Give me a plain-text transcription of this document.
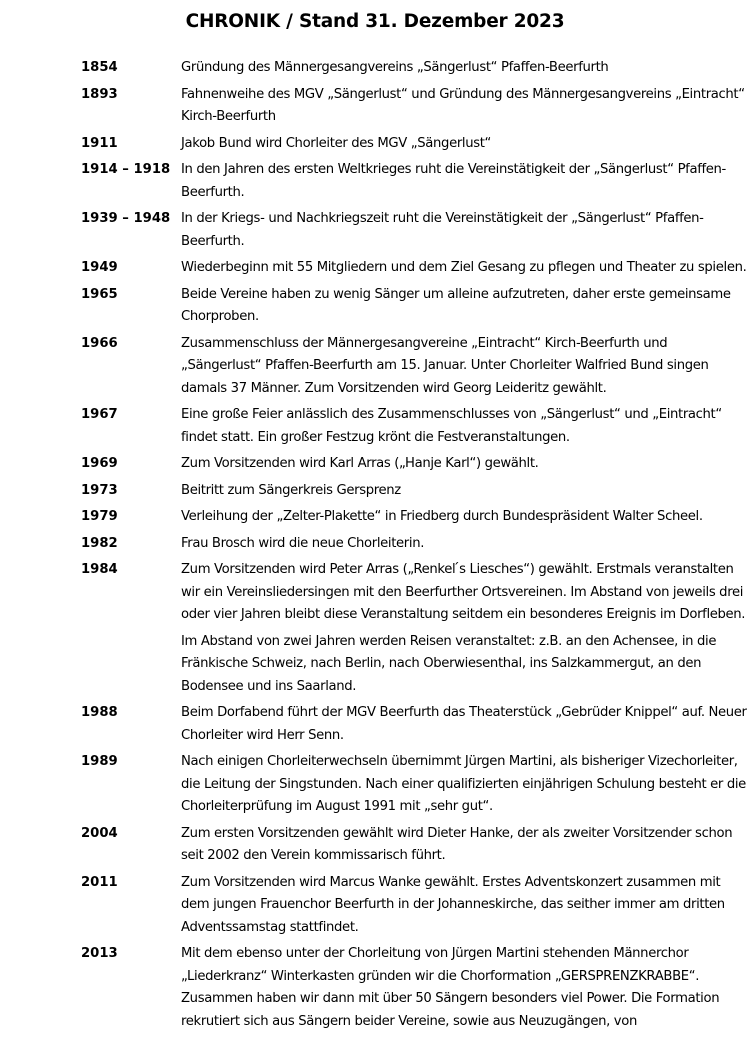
CHRONIK / Stand 31. Dezember 2023
1854	Gründung des Männergesangvereins „Sängerlust“ Pfaffen-Beerfurth

1893	Fahnenweihe des MGV „Sängerlust“ und Gründung des Männergesangvereins „Eintracht“ Kirch-Beerfurth

1911	Jakob Bund wird Chorleiter des MGV „Sängerlust“

1914 – 1918 In den Jahren des ersten Weltkrieges ruht die Vereinstätigkeit der „Sängerlust“ Pfaffen-Beerfurth.

1939 – 1948 In der Kriegs- und Nachkriegszeit ruht die Vereinstätigkeit der „Sängerlust“ Pfaffen-Beerfurth.

1949	Wiederbeginn mit 55 Mitgliedern und dem Ziel Gesang zu pflegen und Theater zu spielen.

1965	Beide Vereine haben zu wenig Sänger um alleine aufzutreten, daher erste gemeinsame Chorproben.

1966	Zusammenschluss der Männergesangvereine „Eintracht“ Kirch-Beerfurth und „Sängerlust“ Pfaffen-Beerfurth am 15. Januar. Unter Chorleiter Walfried Bund singen damals 37 Männer. Zum Vorsitzenden wird Georg Leideritz gewählt.

1967	Eine große Feier anlässlich des Zusammenschlusses von „Sängerlust“ und „Eintracht“ findet statt. Ein großer Festzug krönt die Festveranstaltungen.

1969	Zum Vorsitzenden wird Karl Arras („Hanje Karl“) gewählt.

1973	Beitritt zum Sängerkreis Gersprenz

1979	Verleihung der „Zelter-Plakette“ in Friedberg durch Bundespräsident Walter Scheel.

1982	Frau Brosch wird die neue Chorleiterin.

1984	Zum Vorsitzenden wird Peter Arras („Renkel ́s Liesches“) gewählt. Erstmals veranstalten wir ein Vereinsliedersingen mit den Beerfurther Ortsvereinen. Im Abstand von jeweils drei oder vier Jahren bleibt diese Veranstaltung seitdem ein besonderes Ereignis im Dorfleben.

Im Abstand von zwei Jahren werden Reisen veranstaltet: z.B. an den Achensee, in die Fränkische Schweiz, nach Berlin, nach Oberwiesenthal, ins Salzkammergut, an den Bodensee und ins Saarland.

1988	Beim Dorfabend führt der MGV Beerfurth das Theaterstück „Gebrüder Knippel“ auf. Neuer Chorleiter wird Herr Senn.

1989	Nach einigen Chorleiterwechseln übernimmt Jürgen Martini, als bisheriger Vizechorleiter, die Leitung der Singstunden. Nach einer qualifizierten einjährigen Schulung besteht er die Chorleiterprüfung im August 1991 mit „sehr gut“.

2004	Zum ersten Vorsitzenden gewählt wird Dieter Hanke, der als zweiter Vorsitzender schon seit 2002 den Verein kommissarisch führt.

2011	Zum Vorsitzenden wird Marcus Wanke gewählt. Erstes Adventskonzert zusammen mit dem jungen Frauenchor Beerfurth in der Johanneskirche, das seither immer am dritten Adventssamstag stattfindet.

2013	Mit dem ebenso unter der Chorleitung von Jürgen Martini stehenden Männerchor „Liederkranz“ Winterkasten gründen wir die Chorformation „GERSPRENZKRABBE“. Zusammen haben wir dann mit über 50 Sängern besonders viel Power. Die Formation rekrutiert sich aus Sängern beider Vereine, sowie aus Neuzugängen, von
